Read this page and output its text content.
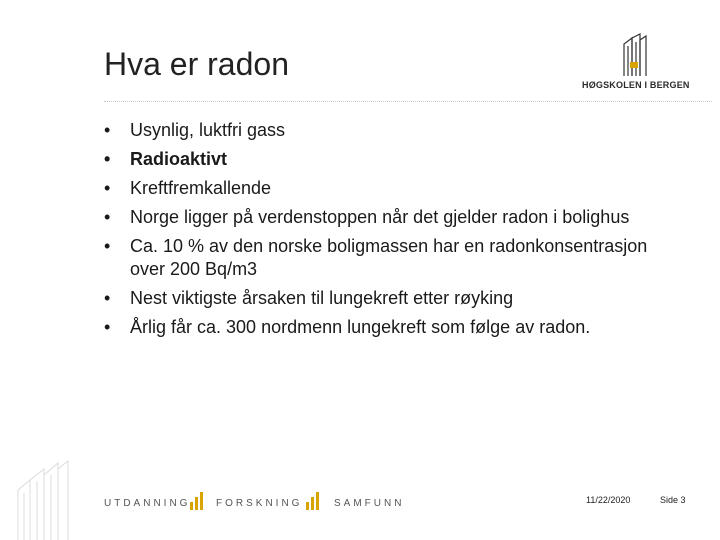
Hva er radon
HØGSKOLEN I BERGEN
• Usynlig, luktfri gass
• Radioaktivt
• Kreftfremkallende
• Norge ligger på verdenstoppen når det gjelder radon i bolighus
• Ca. 10 % av den norske boligmassen har en radonkonsentrasjon over 200 Bq/m3
• Nest viktigste årsaken til lungekreft etter røyking
• Årlig får ca. 300 nordmenn lungekreft som følge av radon.
UTDANNING	FORSKNING	SAMFUNN	11/22/2020	Side 3
